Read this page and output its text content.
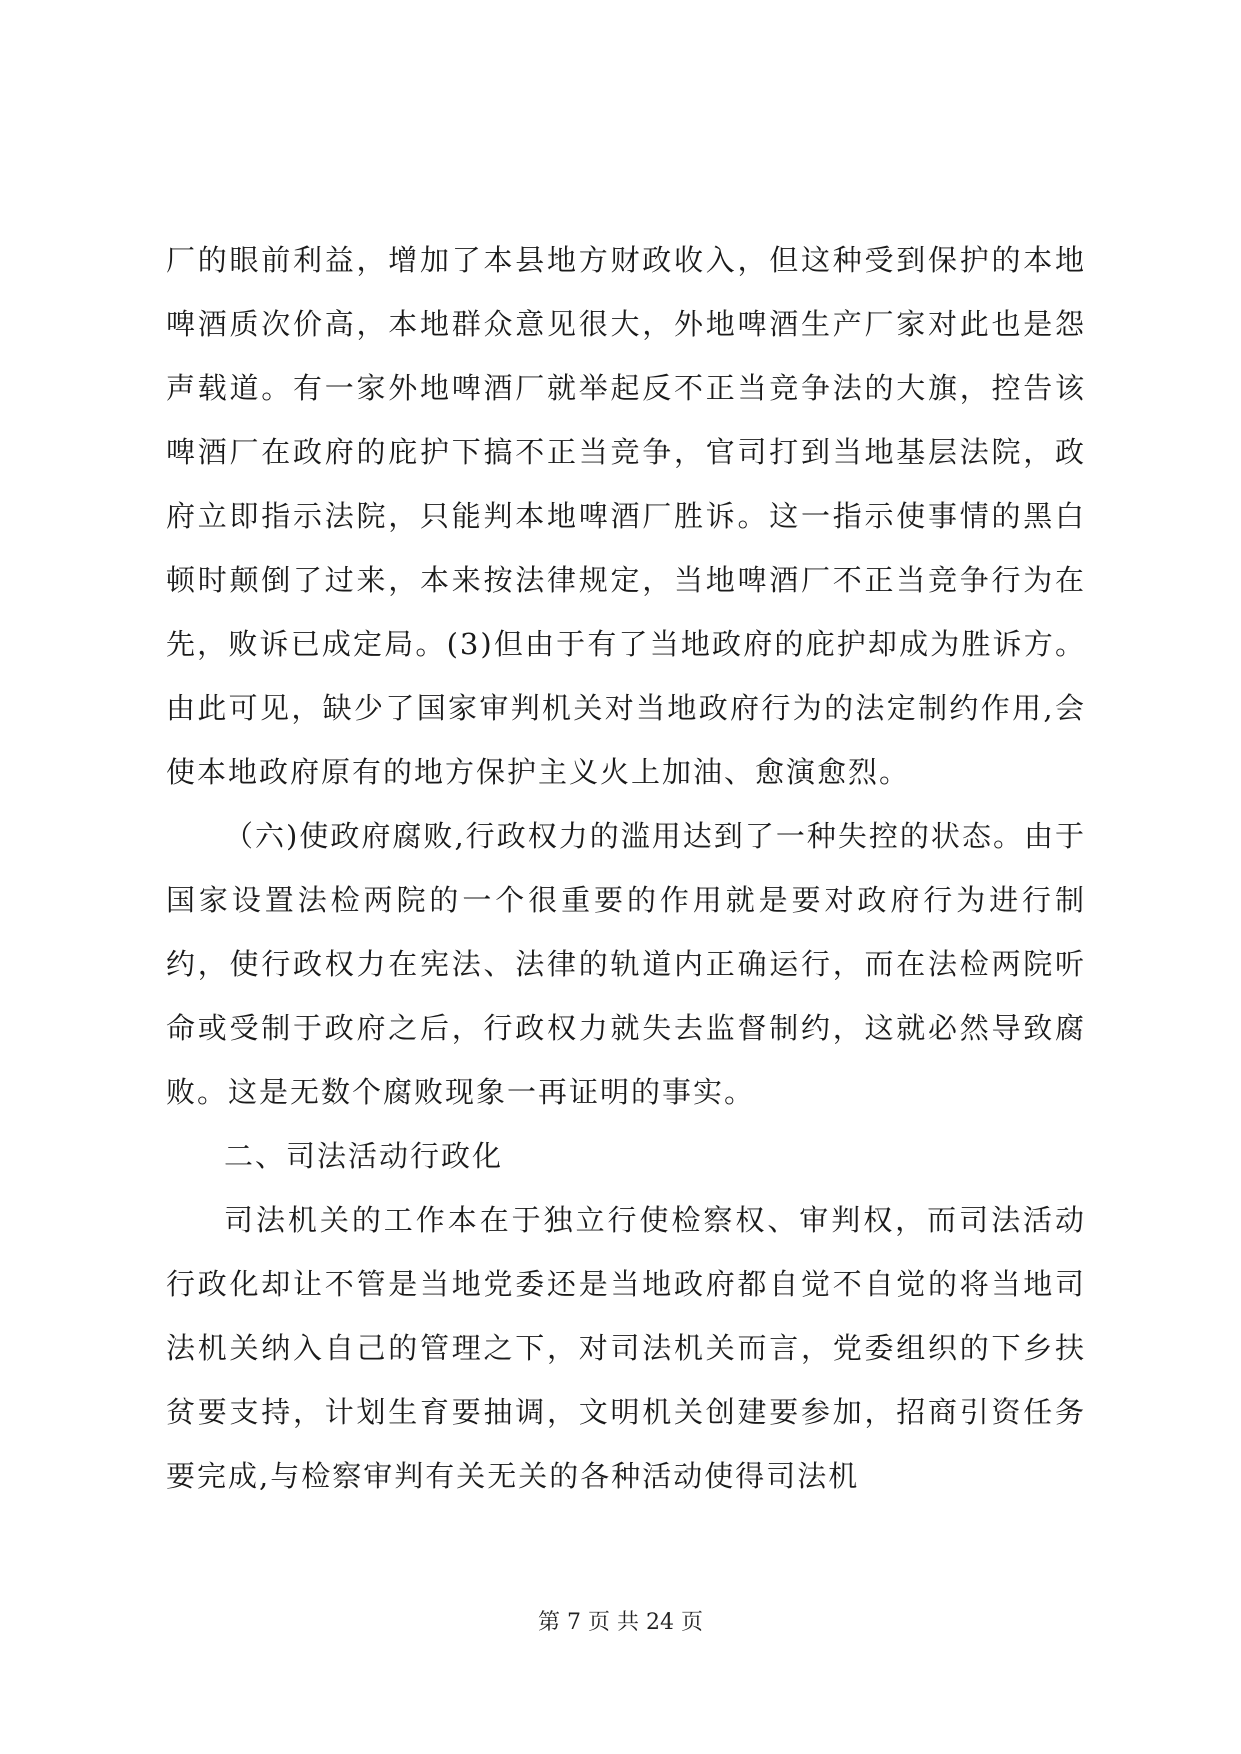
厂的眼前利益，增加了本县地方财政收入，但这种受到保护的本地啤酒质次价高，本地群众意见很大，外地啤酒生产厂家对此也是怨声载道。有一家外地啤酒厂就举起反不正当竞争法的大旗，控告该啤酒厂在政府的庇护下搞不正当竞争，官司打到当地基层法院，政府立即指示法院，只能判本地啤酒厂胜诉。这一指示使事情的黑白顿时颠倒了过来，本来按法律规定，当地啤酒厂不正当竞争行为在先，败诉已成定局。(3)但由于有了当地政府的庇护却成为胜诉方。由此可见，缺少了国家审判机关对当地政府行为的法定制约作用,会使本地政府原有的地方保护主义火上加油、愈演愈烈。

（六)使政府腐败,行政权力的滥用达到了一种失控的状态。由于国家设置法检两院的一个很重要的作用就是要对政府行为进行制约，使行政权力在宪法、法律的轨道内正确运行，而在法检两院听命或受制于政府之后，行政权力就失去监督制约，这就必然导致腐败。这是无数个腐败现象一再证明的事实。

二、司法活动行政化

司法机关的工作本在于独立行使检察权、审判权，而司法活动行政化却让不管是当地党委还是当地政府都自觉不自觉的将当地司法机关纳入自己的管理之下，对司法机关而言，党委组织的下乡扶贫要支持，计划生育要抽调，文明机关创建要参加，招商引资任务要完成,与检察审判有关无关的各种活动使得司法机

第 7 页 共 24 页
